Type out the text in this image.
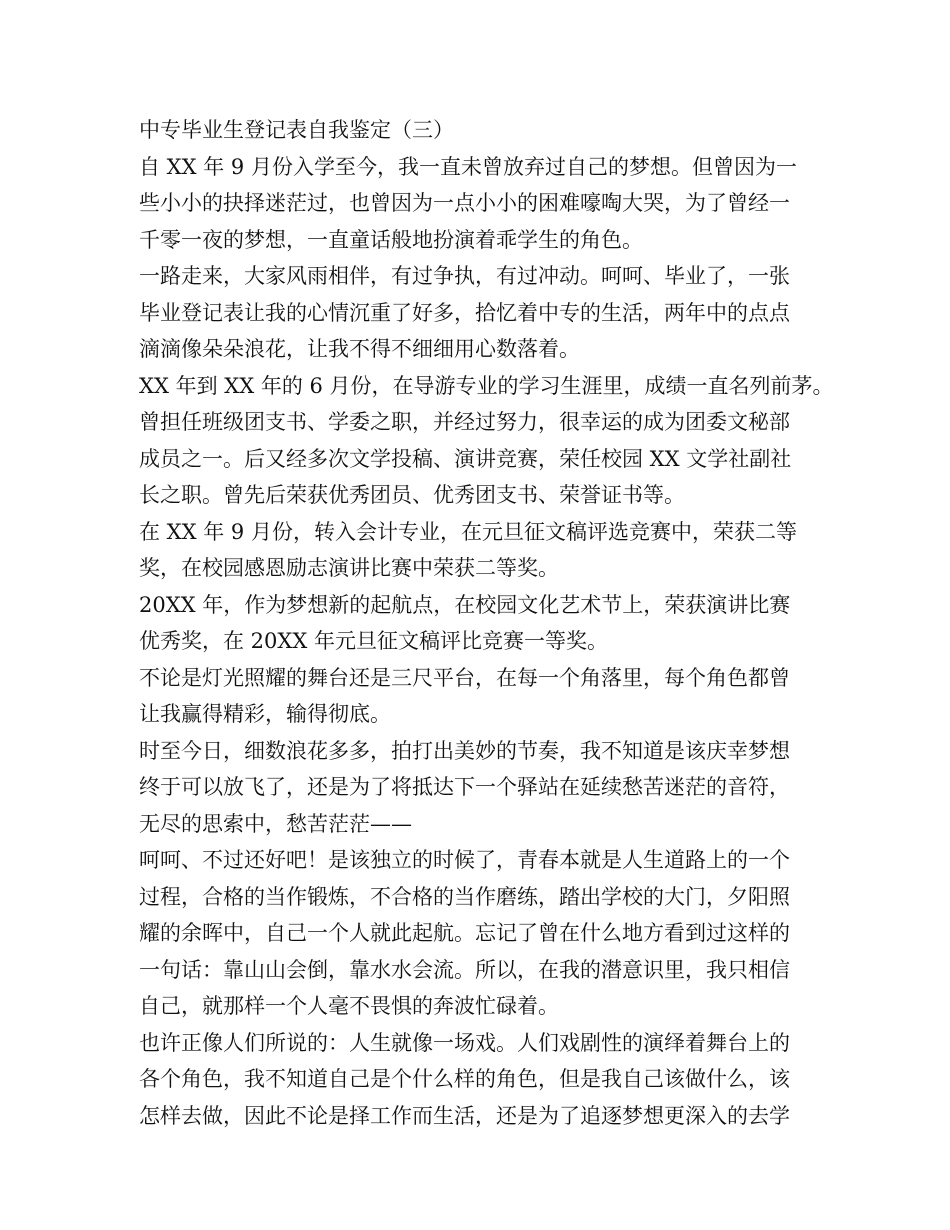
中专毕业生登记表自我鉴定（三）
自 XX 年 9 月份入学至今，我一直未曾放弃过自己的梦想。但曾因为一
些小小的抉择迷茫过，也曾因为一点小小的困难嚎啕大哭，为了曾经一
千零一夜的梦想，一直童话般地扮演着乖学生的角色。
一路走来，大家风雨相伴，有过争执，有过冲动。呵呵、毕业了，一张
毕业登记表让我的心情沉重了好多，拾忆着中专的生活，两年中的点点
滴滴像朵朵浪花，让我不得不细细用心数落着。
XX 年到 XX 年的 6 月份，在导游专业的学习生涯里，成绩一直名列前茅。
曾担任班级团支书、学委之职，并经过努力，很幸运的成为团委文秘部
成员之一。后又经多次文学投稿、演讲竞赛，荣任校园 XX 文学社副社
长之职。曾先后荣获优秀团员、优秀团支书、荣誉证书等。
在 XX 年 9 月份，转入会计专业，在元旦征文稿评选竞赛中，荣获二等
奖，在校园感恩励志演讲比赛中荣获二等奖。
20XX 年，作为梦想新的起航点，在校园文化艺术节上，荣获演讲比赛
优秀奖，在 20XX 年元旦征文稿评比竞赛一等奖。
不论是灯光照耀的舞台还是三尺平台，在每一个角落里，每个角色都曾
让我赢得精彩，输得彻底。
时至今日，细数浪花多多，拍打出美妙的节奏，我不知道是该庆幸梦想
终于可以放飞了，还是为了将抵达下一个驿站在延续愁苦迷茫的音符，
无尽的思索中，愁苦茫茫——
呵呵、不过还好吧！是该独立的时候了，青春本就是人生道路上的一个
过程，合格的当作锻炼，不合格的当作磨练，踏出学校的大门，夕阳照
耀的余晖中，自己一个人就此起航。忘记了曾在什么地方看到过这样的
一句话：靠山山会倒，靠水水会流。所以，在我的潜意识里，我只相信
自己，就那样一个人毫不畏惧的奔波忙碌着。
也许正像人们所说的：人生就像一场戏。人们戏剧性的演绎着舞台上的
各个角色，我不知道自己是个什么样的角色，但是我自己该做什么，该
怎样去做，因此不论是择工作而生活，还是为了追逐梦想更深入的去学
